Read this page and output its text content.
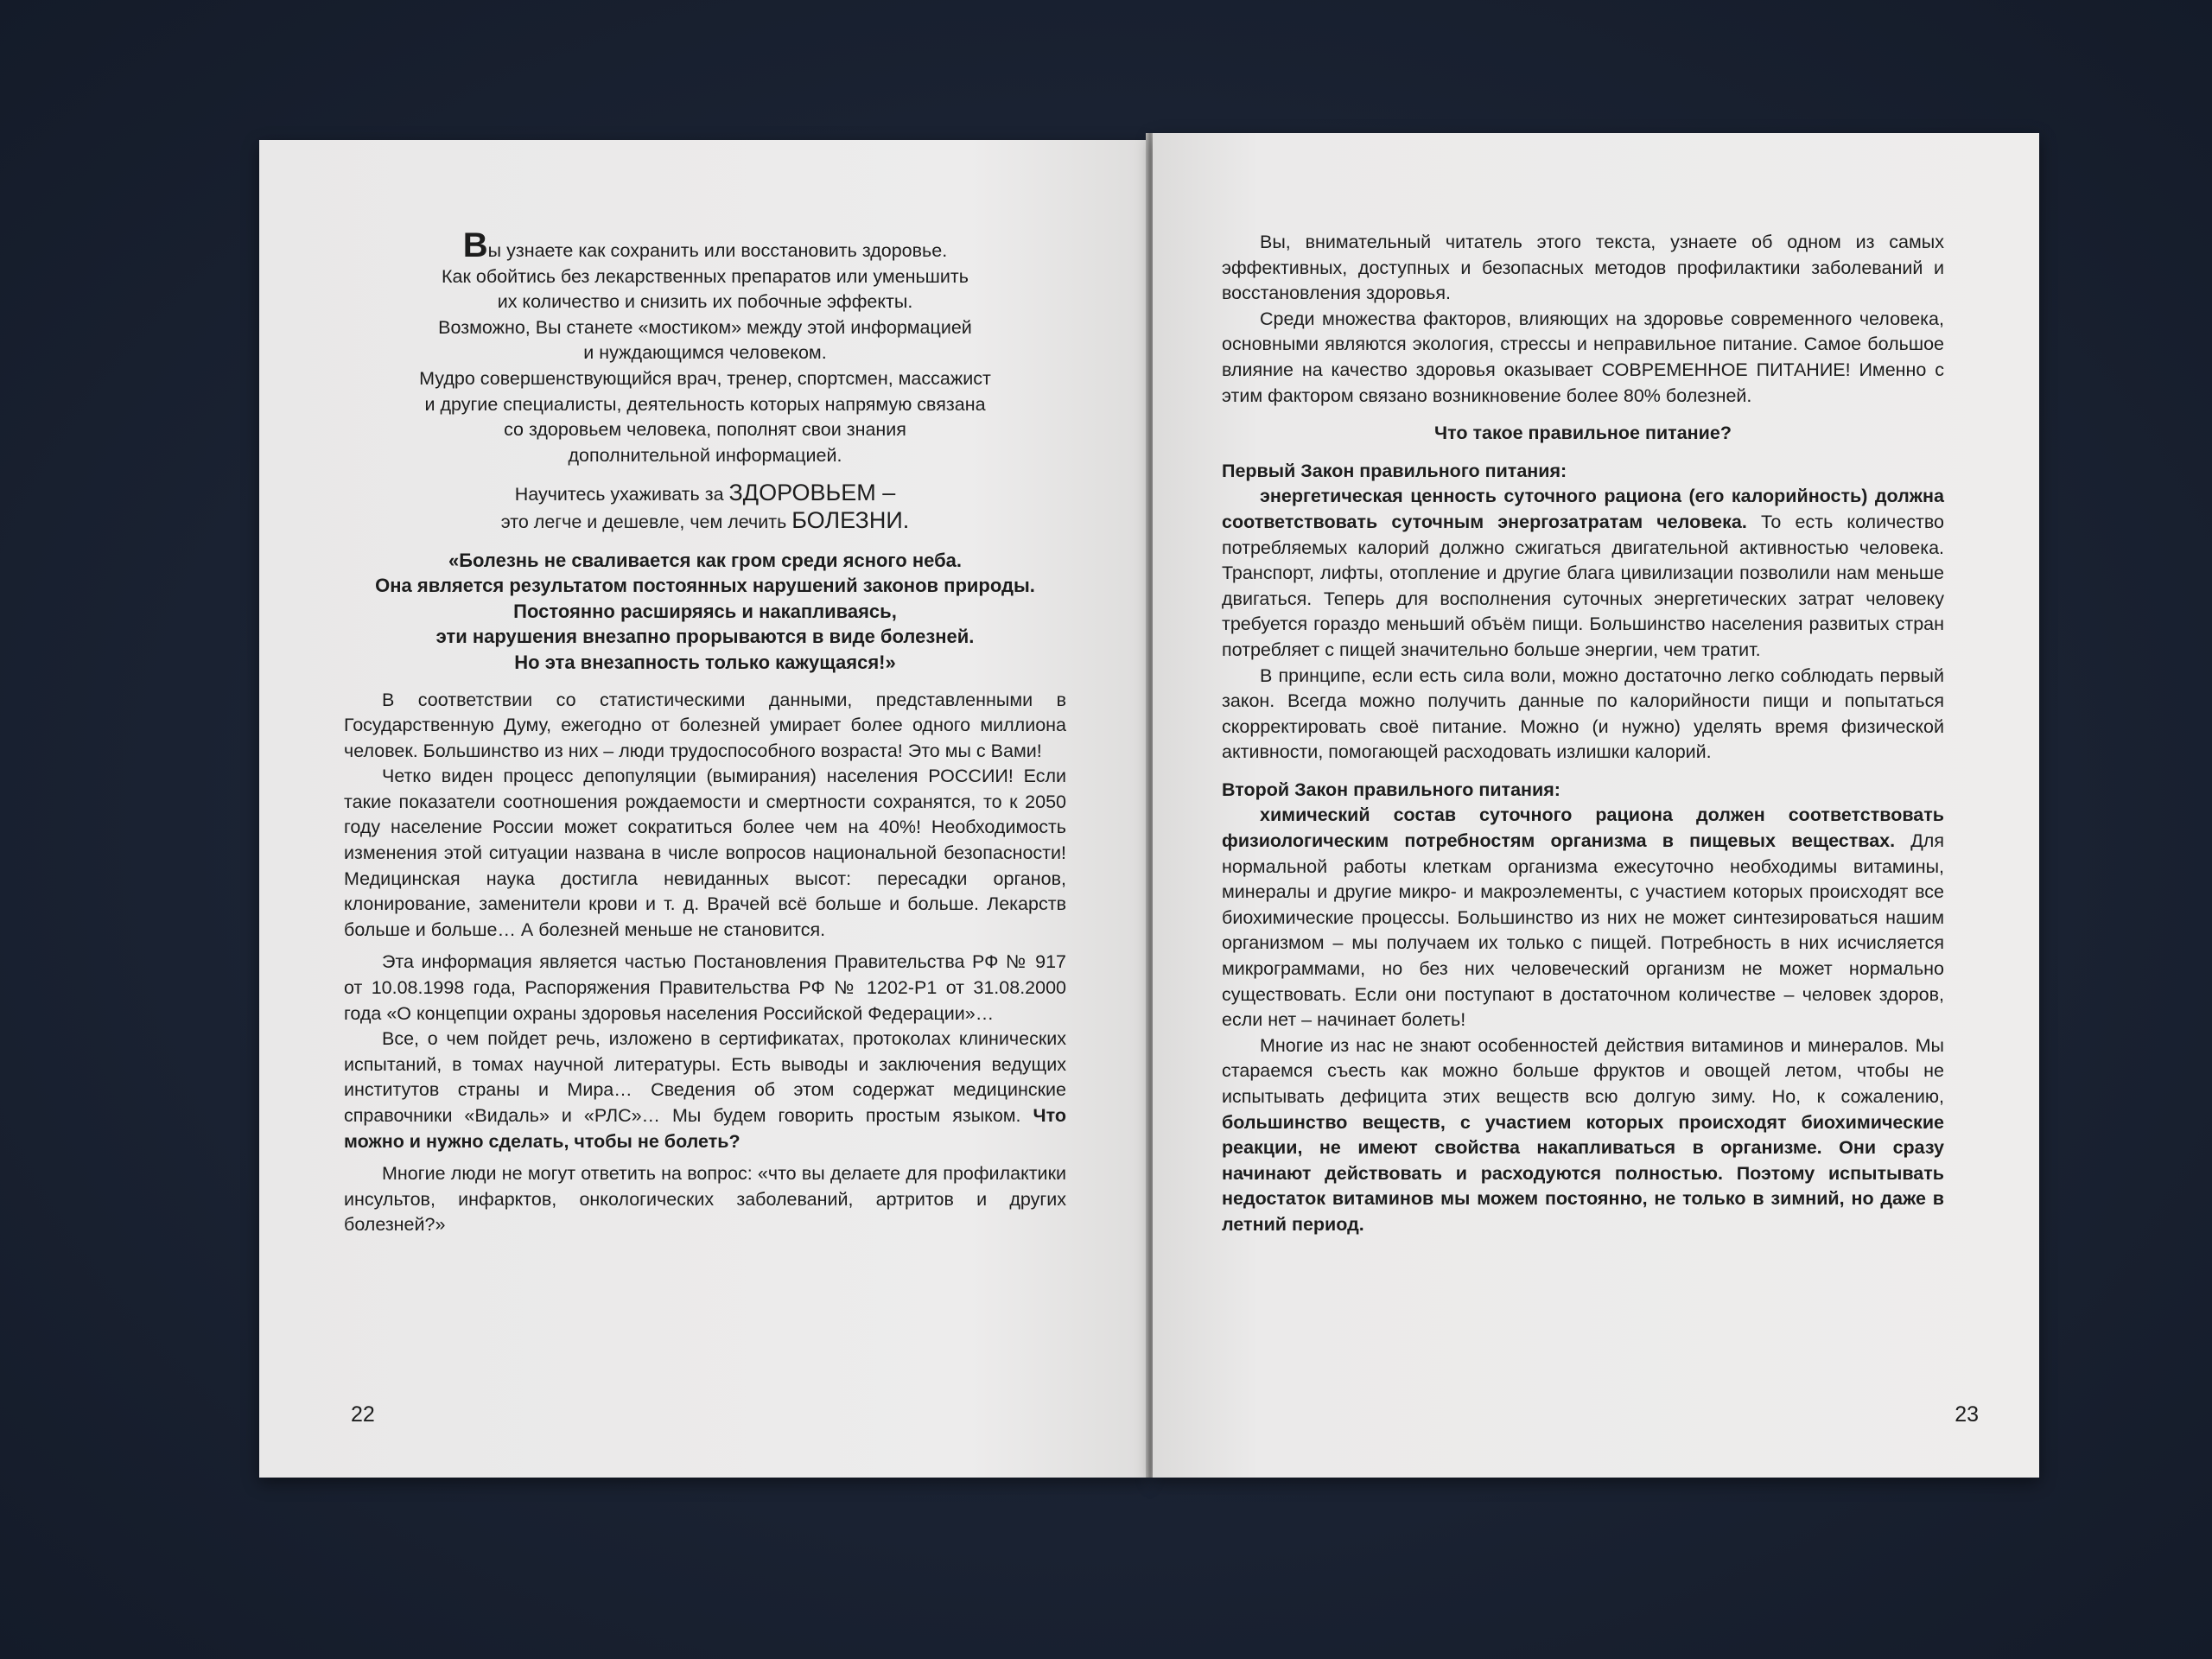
Вы узнаете как сохранить или восстановить здоровье.

Как обойтись без лекарственных препаратов или уменьшить

их количество и снизить их побочные эффекты.

Возможно, Вы станете «мостиком» между этой информацией

и нуждающимся человеком.

Мудро совершенствующийся врач, тренер, спортсмен, массажист

и другие специалисты, деятельность которых напрямую связана

со здоровьем человека, пополнят свои знания

дополнительной информацией.

Научитесь ухаживать за ЗДОРОВЬЕМ –

это легче и дешевле, чем лечить БОЛЕЗНИ.

«Болезнь не сваливается как гром среди ясного неба.

Она является результатом постоянных нарушений законов природы.

Постоянно расширяясь и накапливаясь,

эти нарушения внезапно прорываются в виде болезней.

Но эта внезапность только кажущаяся!»

В соответствии со статистическими данными, представленными в Государственную Думу, ежегодно от болезней умирает более одного миллиона человек. Большинство из них – люди трудоспособного возраста! Это мы с Вами!

Четко виден процесс депопуляции (вымирания) населения РОССИИ! Если такие показатели соотношения рождаемости и смертности сохранятся, то к 2050 году население России может сократиться более чем на 40%! Необходимость изменения этой ситуации названа в числе вопросов национальной безопасности! Медицинская наука достигла невиданных высот: пересадки органов, клонирование, заменители крови и т. д. Врачей всё больше и больше. Лекарств больше и больше… А болезней меньше не становится.

Эта информация является частью Постановления Правительства РФ № 917 от 10.08.1998 года, Распоряжения Правительства РФ № 1202-Р1 от 31.08.2000 года «О концепции охраны здоровья населения Российской Федерации»…

Все, о чем пойдет речь, изложено в сертификатах, протоколах клинических испытаний, в томах научной литературы. Есть выводы и заключения ведущих институтов страны и Мира… Сведения об этом содержат медицинские справочники «Видаль» и «РЛС»… Мы будем говорить простым языком. Что можно и нужно сделать, чтобы не болеть?

Многие люди не могут ответить на вопрос: «что вы делаете для профилактики инсультов, инфарктов, онкологических заболеваний, артритов и других болезней?»

22

Вы, внимательный читатель этого текста, узнаете об одном из самых эффективных, доступных и безопасных методов профилактики заболеваний и восстановления здоровья.

Среди множества факторов, влияющих на здоровье современного человека, основными являются экология, стрессы и неправильное питание. Самое большое влияние на качество здоровья оказывает СОВРЕМЕННОЕ ПИТАНИЕ! Именно с этим фактором связано возникновение более 80% болезней.

Что такое правильное питание?

Первый Закон правильного питания:

энергетическая ценность суточного рациона (его калорийность) должна соответствовать суточным энергозатратам человека. То есть количество потребляемых калорий должно сжигаться двигательной активностью человека. Транспорт, лифты, отопление и другие блага цивилизации позволили нам меньше двигаться. Теперь для восполнения суточных энергетических затрат человеку требуется гораздо меньший объём пищи. Большинство населения развитых стран потребляет с пищей значительно больше энергии, чем тратит.

В принципе, если есть сила воли, можно достаточно легко соблюдать первый закон. Всегда можно получить данные по калорийности пищи и попытаться скорректировать своё питание. Можно (и нужно) уделять время физической активности, помогающей расходовать излишки калорий.

Второй Закон правильного питания:

химический состав суточного рациона должен соответствовать физиологическим потребностям организма в пищевых веществах. Для нормальной работы клеткам организма ежесуточно необходимы витамины, минералы и другие микро- и макроэлементы, с участием которых происходят все биохимические процессы. Большинство из них не может синтезироваться нашим организмом – мы получаем их только с пищей. Потребность в них исчисляется микрограммами, но без них человеческий организм не может нормально существовать. Если они поступают в достаточном количестве – человек здоров, если нет – начинает болеть!

Многие из нас не знают особенностей действия витаминов и минералов. Мы стараемся съесть как можно больше фруктов и овощей летом, чтобы не испытывать дефицита этих веществ всю долгую зиму. Но, к сожалению, большинство веществ, с участием которых происходят биохимические реакции, не имеют свойства накапливаться в организме. Они сразу начинают действовать и расходуются полностью. Поэтому испытывать недостаток витаминов мы можем постоянно, не только в зимний, но даже в летний период.

23
